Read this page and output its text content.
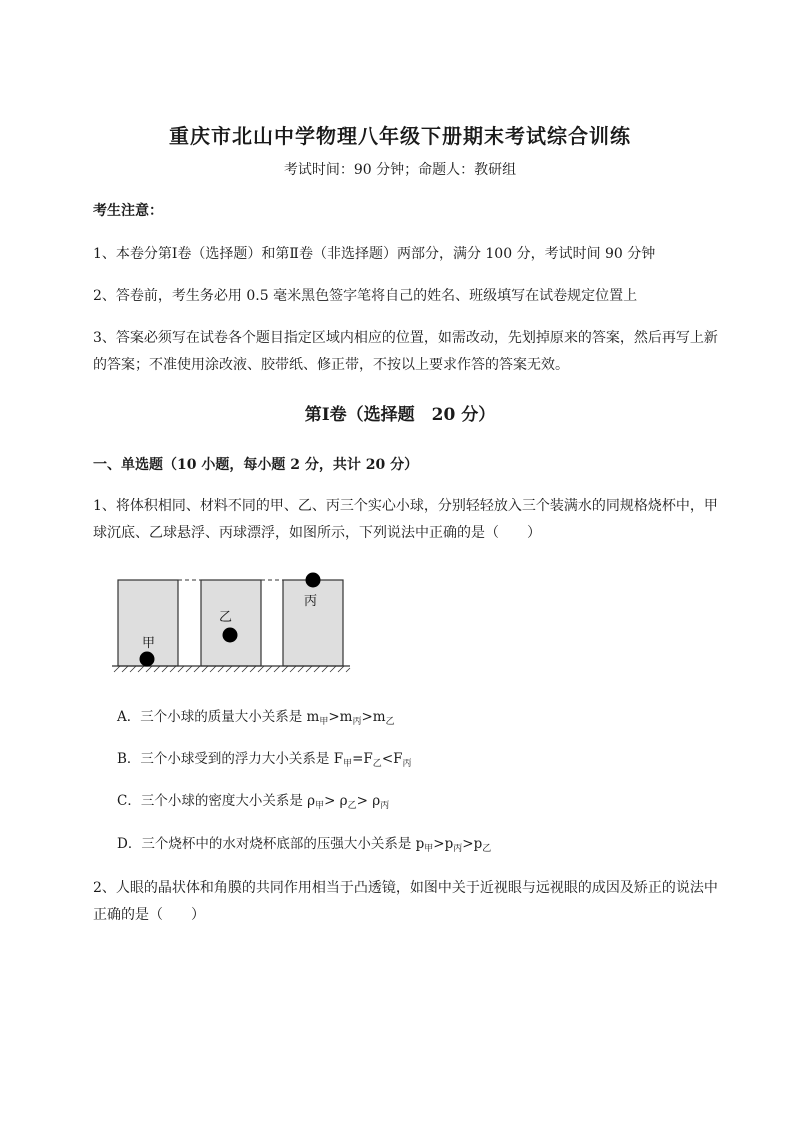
重庆市北山中学物理八年级下册期末考试综合训练
考试时间：90 分钟；命题人：教研组
考生注意：
1、本卷分第Ⅰ卷（选择题）和第Ⅱ卷（非选择题）两部分，满分 100 分，考试时间 90 分钟
2、答卷前，考生务必用 0.5 毫米黑色签字笔将自己的姓名、班级填写在试卷规定位置上
3、答案必须写在试卷各个题目指定区域内相应的位置，如需改动，先划掉原来的答案，然后再写上新
的答案；不准使用涂改液、胶带纸、修正带，不按以上要求作答的答案无效。
第Ⅰ卷（选择题　20 分）
一、单选题（10 小题，每小题 2 分，共计 20 分）
1、将体积相同、材料不同的甲、乙、丙三个实心小球，分别轻轻放入三个装满水的同规格烧杯中，甲
球沉底、乙球悬浮、丙球漂浮，如图所示，下列说法中正确的是（　　）
甲
乙
丙
A．三个小球的质量大小关系是 $m_甲>m_丙>m_乙$
B．三个小球受到的浮力大小关系是 $F_甲=F_乙<F_丙$
C．三个小球的密度大小关系是 $\rho_甲> \rho_乙> \rho_丙$
D．三个烧杯中的水对烧杯底部的压强大小关系是 $p_甲>p_丙>p_乙$
2、人眼的晶状体和角膜的共同作用相当于凸透镜，如图中关于近视眼与远视眼的成因及矫正的说法中
正确的是（　　）
